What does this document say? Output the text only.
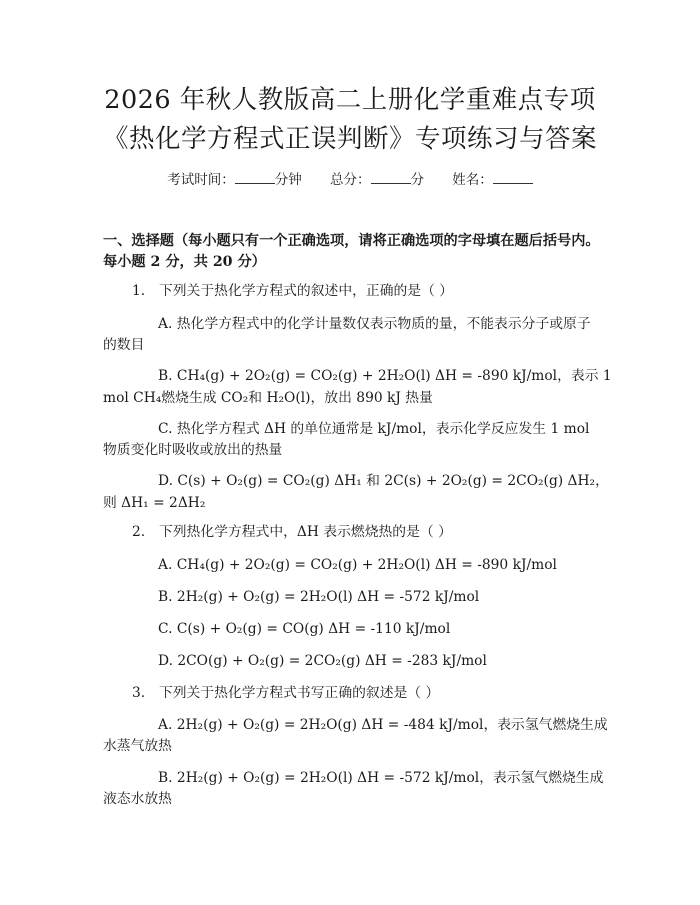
2026 年秋人教版高二上册化学重难点专项
《热化学方程式正误判断》专项练习与答案
考试时间：	分钟 总分：	分 姓名：
一、选择题（每小题只有一个正确选项，请将正确选项的字母填在题后括号内。
每小题 2 分，共 20 分）
1.　下列关于热化学方程式的叙述中，正确的是（ ）
A. 热化学方程式中的化学计量数仅表示物质的量，不能表示分子或原子
的数目
B. CH₄(g) + 2O₂(g) = CO₂(g) + 2H₂O(l) ΔH = -890 kJ/mol，表示 1
mol CH₄燃烧生成 CO₂和 H₂O(l)，放出 890 kJ 热量
C. 热化学方程式 ΔH 的单位通常是 kJ/mol，表示化学反应发生 1 mol
物质变化时吸收或放出的热量
D. C(s) + O₂(g) = CO₂(g) ΔH₁ 和 2C(s) + 2O₂(g) = 2CO₂(g) ΔH₂，
则 ΔH₁ = 2ΔH₂
2.　下列热化学方程式中，ΔH 表示燃烧热的是（ ）
A. CH₄(g) + 2O₂(g) = CO₂(g) + 2H₂O(l) ΔH = -890 kJ/mol
B. 2H₂(g) + O₂(g) = 2H₂O(l) ΔH = -572 kJ/mol
C. C(s) + O₂(g) = CO(g) ΔH = -110 kJ/mol
D. 2CO(g) + O₂(g) = 2CO₂(g) ΔH = -283 kJ/mol
3.　下列关于热化学方程式书写正确的叙述是（ ）
A. 2H₂(g) + O₂(g) = 2H₂O(g) ΔH = -484 kJ/mol，表示氢气燃烧生成
水蒸气放热
B. 2H₂(g) + O₂(g) = 2H₂O(l) ΔH = -572 kJ/mol，表示氢气燃烧生成
液态水放热
